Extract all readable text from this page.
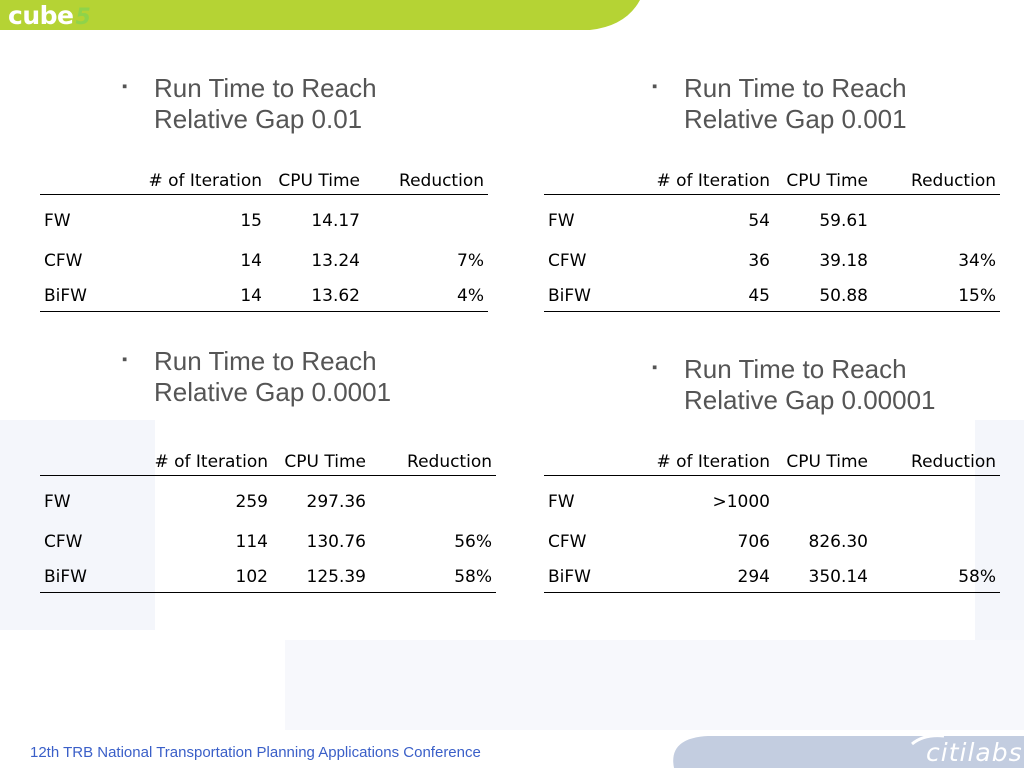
cube5
▪ Run Time to Reach
Relative Gap 0.01
	# of Iteration	CPU Time	Reduction
FW	15	14.17	
CFW	14	13.24	7%
BiFW	14	13.62	4%
▪ Run Time to Reach
Relative Gap 0.001
	# of Iteration	CPU Time	Reduction
FW	54	59.61	
CFW	36	39.18	34%
BiFW	45	50.88	15%
▪ Run Time to Reach
Relative Gap 0.0001
	# of Iteration	CPU Time	Reduction
FW	259	297.36	
CFW	114	130.76	56%
BiFW	102	125.39	58%
▪ Run Time to Reach
Relative Gap 0.00001
	# of Iteration	CPU Time	Reduction
FW	>1000		
CFW	706	826.30	
BiFW	294	350.14	58%
12th TRB National Transportation Planning Applications Conference	citilabs
